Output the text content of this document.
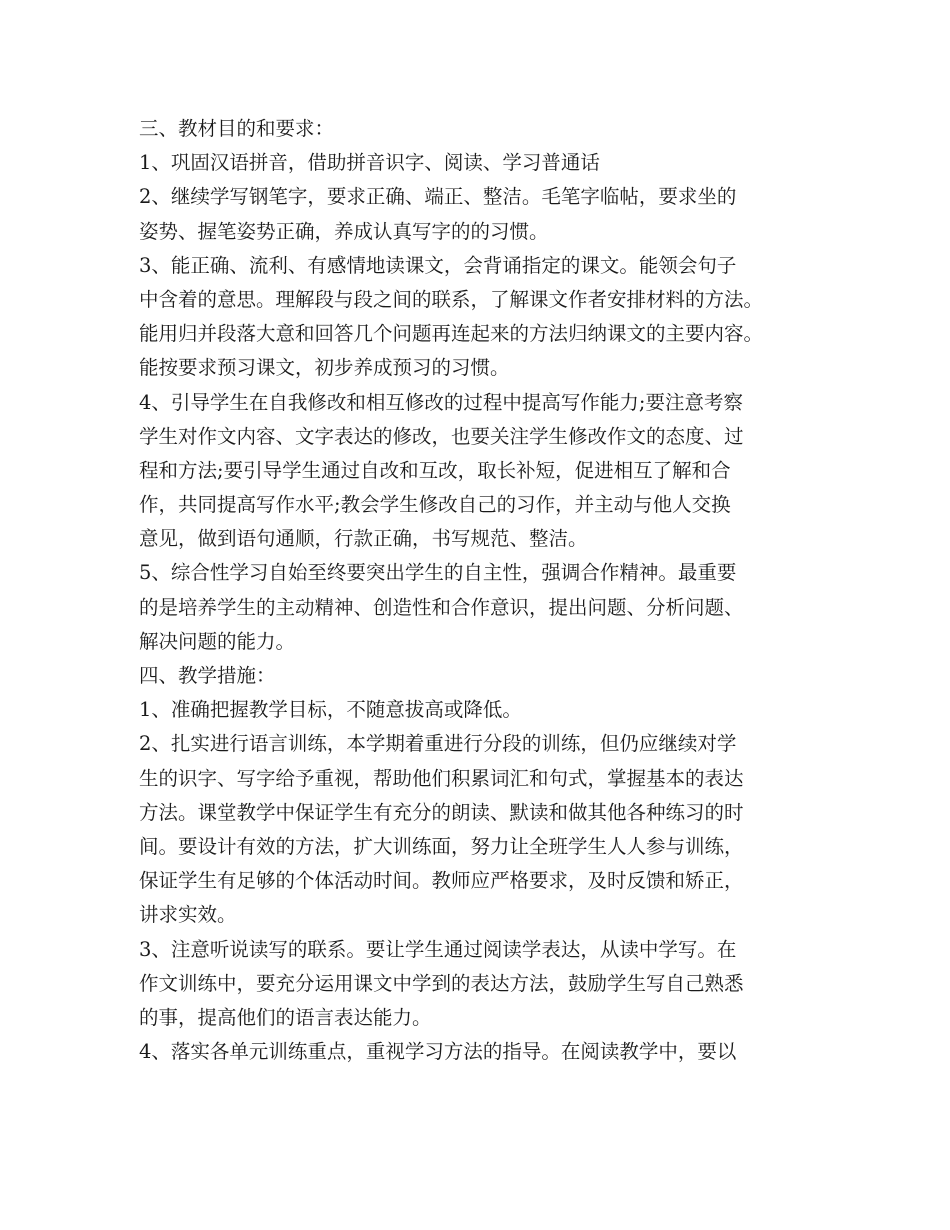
三、教材目的和要求：
1、巩固汉语拼音，借助拼音识字、阅读、学习普通话
2、继续学写钢笔字，要求正确、端正、整洁。毛笔字临帖，要求坐的
姿势、握笔姿势正确，养成认真写字的的习惯。
3、能正确、流利、有感情地读课文，会背诵指定的课文。能领会句子
中含着的意思。理解段与段之间的联系，了解课文作者安排材料的方法。
能用归并段落大意和回答几个问题再连起来的方法归纳课文的主要内容。
能按要求预习课文，初步养成预习的习惯。
4、引导学生在自我修改和相互修改的过程中提高写作能力;要注意考察
学生对作文内容、文字表达的修改，也要关注学生修改作文的态度、过
程和方法;要引导学生通过自改和互改，取长补短，促进相互了解和合
作，共同提高写作水平;教会学生修改自己的习作，并主动与他人交换
意见，做到语句通顺，行款正确，书写规范、整洁。
5、综合性学习自始至终要突出学生的自主性，强调合作精神。最重要
的是培养学生的主动精神、创造性和合作意识，提出问题、分析问题、
解决问题的能力。
四、教学措施：
1、准确把握教学目标，不随意拔高或降低。
2、扎实进行语言训练，本学期着重进行分段的训练，但仍应继续对学
生的识字、写字给予重视，帮助他们积累词汇和句式，掌握基本的表达
方法。课堂教学中保证学生有充分的朗读、默读和做其他各种练习的时
间。要设计有效的方法，扩大训练面，努力让全班学生人人参与训练，
保证学生有足够的个体活动时间。教师应严格要求，及时反馈和矫正，
讲求实效。
3、注意听说读写的联系。要让学生通过阅读学表达，从读中学写。在
作文训练中，要充分运用课文中学到的表达方法，鼓励学生写自己熟悉
的事，提高他们的语言表达能力。
4、落实各单元训练重点，重视学习方法的指导。在阅读教学中，要以
